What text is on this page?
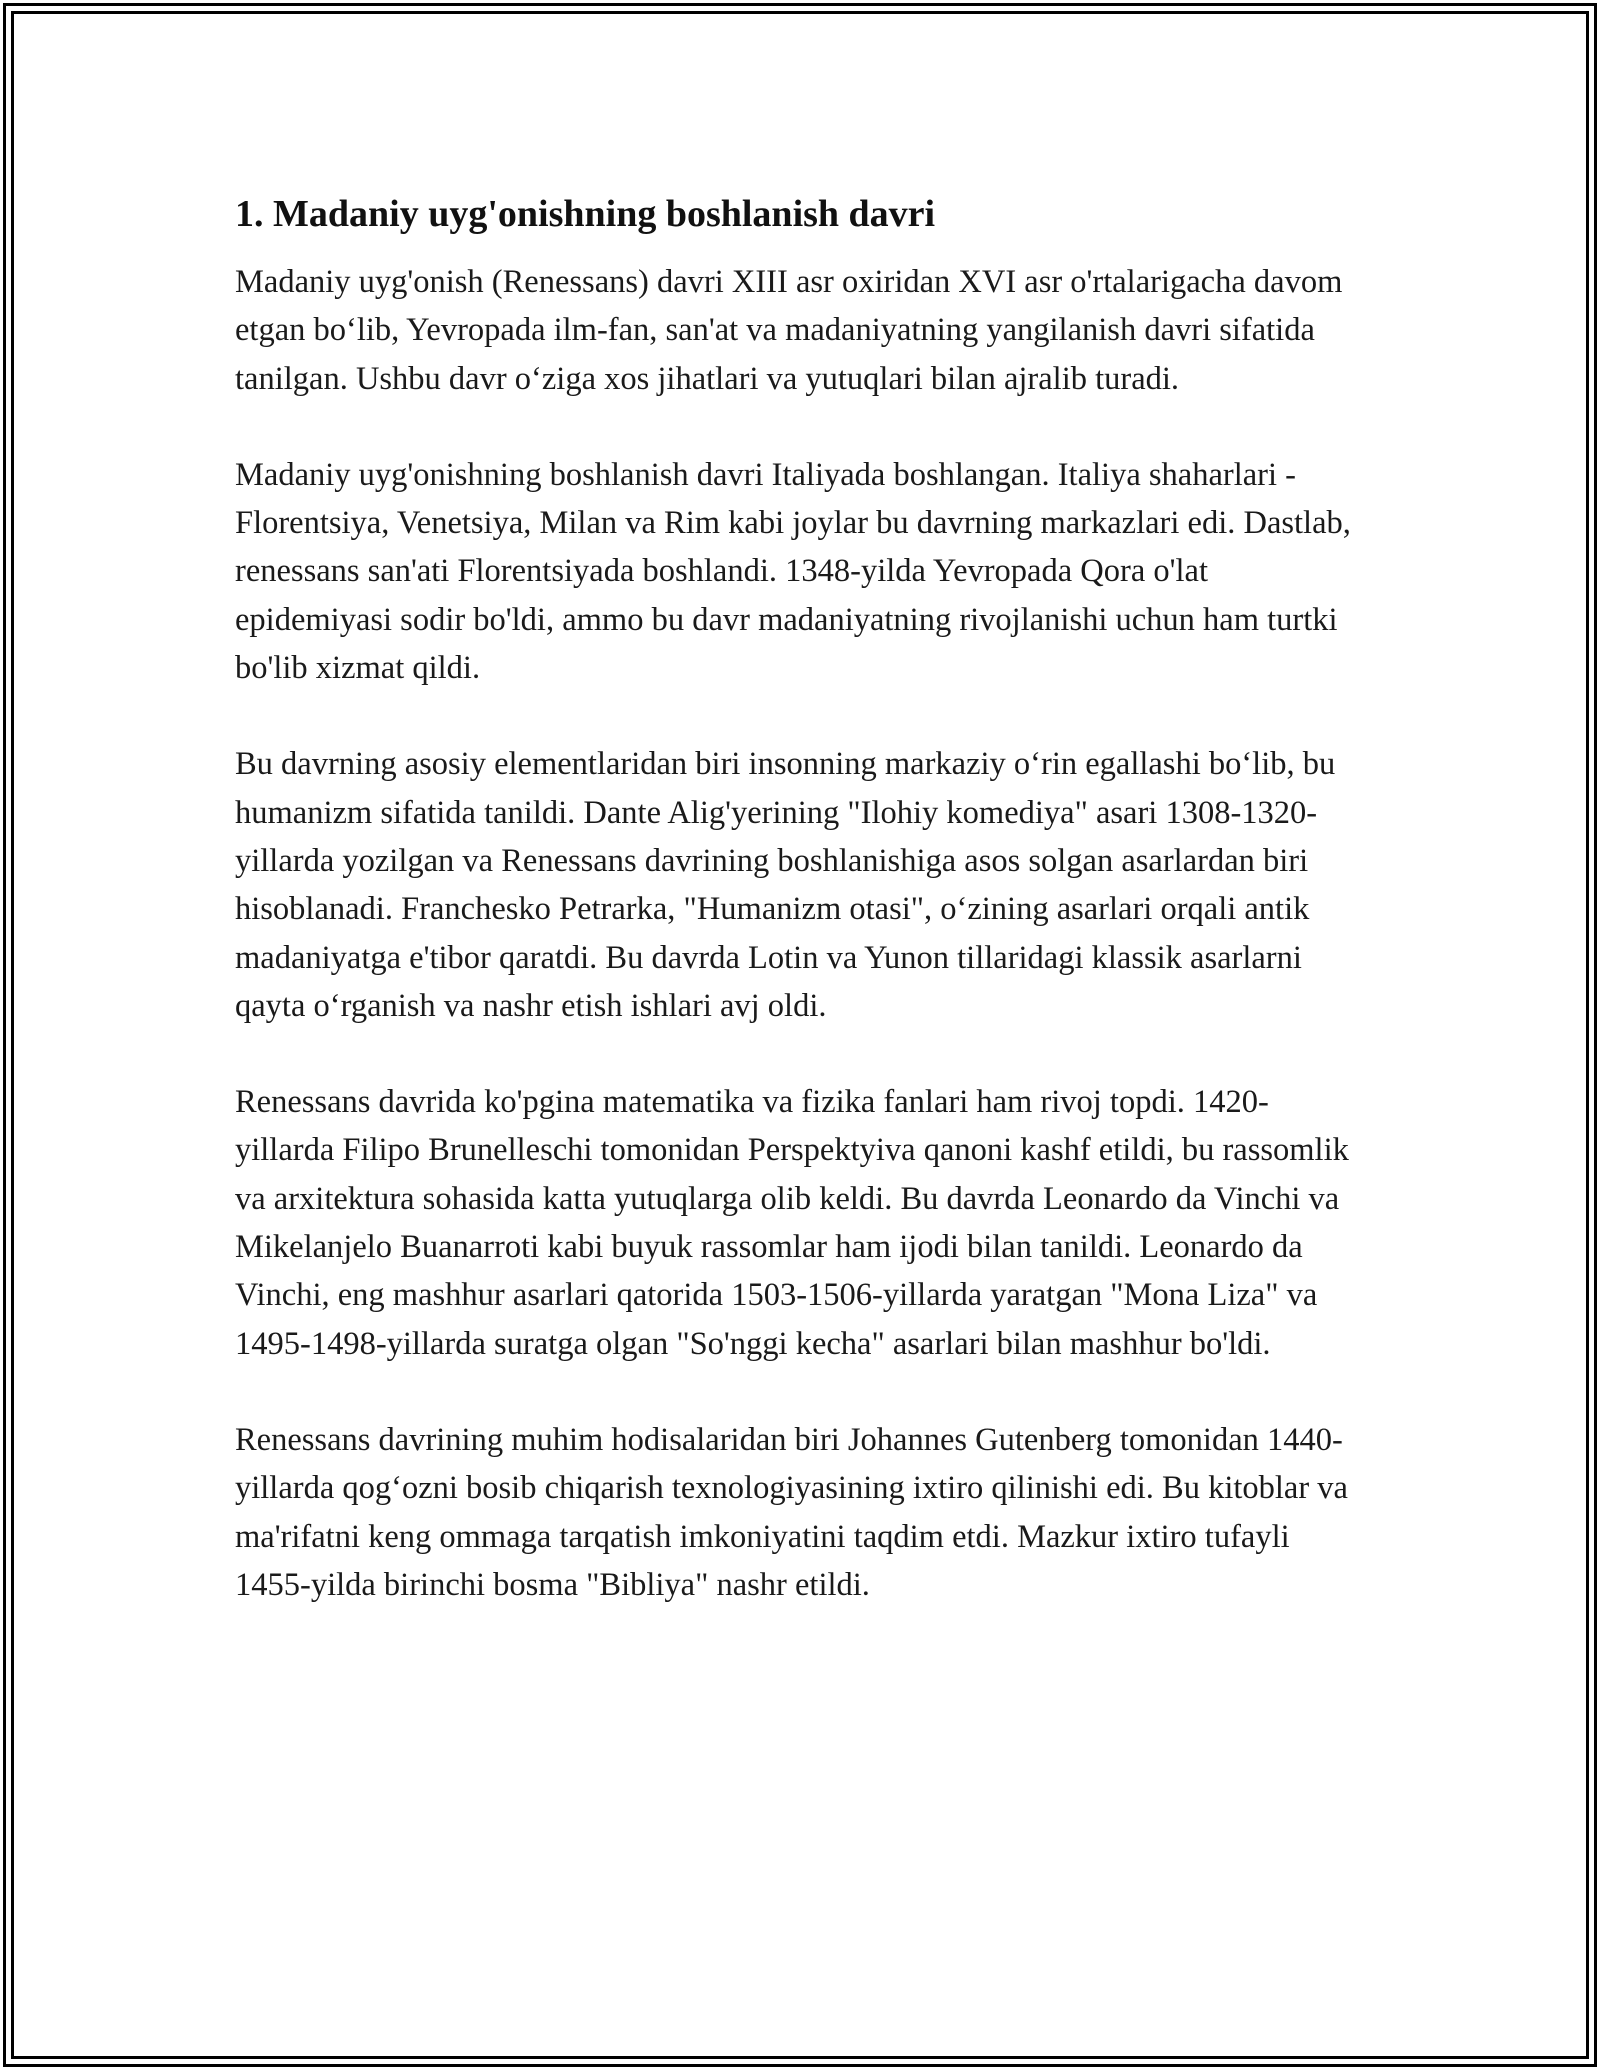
1. Madaniy uyg'onishning boshlanish davri

Madaniy uyg'onish (Renessans) davri XIII asr oxiridan XVI asr o'rtalarigacha davom etgan bo‘lib, Yevropada ilm-fan, san'at va madaniyatning yangilanish davri sifatida tanilgan. Ushbu davr o‘ziga xos jihatlari va yutuqlari bilan ajralib turadi.

Madaniy uyg'onishning boshlanish davri Italiyada boshlangan. Italiya shaharlari - Florentsiya, Venetsiya, Milan va Rim kabi joylar bu davrning markazlari edi. Dastlab, renessans san'ati Florentsiyada boshlandi. 1348-yilda Yevropada Qora o'lat epidemiyasi sodir bo'ldi, ammo bu davr madaniyatning rivojlanishi uchun ham turtki bo'lib xizmat qildi.

Bu davrning asosiy elementlaridan biri insonning markaziy o‘rin egallashi bo‘lib, bu humanizm sifatida tanildi. Dante Alig'yerining "Ilohiy komediya" asari 1308-1320-yillarda yozilgan va Renessans davrining boshlanishiga asos solgan asarlardan biri hisoblanadi. Franchesko Petrarka, "Humanizm otasi", o‘zining asarlari orqali antik madaniyatga e'tibor qaratdi. Bu davrda Lotin va Yunon tillaridagi klassik asarlarni qayta o‘rganish va nashr etish ishlari avj oldi.

Renessans davrida ko'pgina matematika va fizika fanlari ham rivoj topdi. 1420-yillarda Filipo Brunelleschi tomonidan Perspektyiva qanoni kashf etildi, bu rassomlik va arxitektura sohasida katta yutuqlarga olib keldi. Bu davrda Leonardo da Vinchi va Mikelanjelo Buanarroti kabi buyuk rassomlar ham ijodi bilan tanildi. Leonardo da Vinchi, eng mashhur asarlari qatorida 1503-1506-yillarda yaratgan "Mona Liza" va 1495-1498-yillarda suratga olgan "So'nggi kecha" asarlari bilan mashhur bo'ldi.

Renessans davrining muhim hodisalaridan biri Johannes Gutenberg tomonidan 1440-yillarda qog‘ozni bosib chiqarish texnologiyasining ixtiro qilinishi edi. Bu kitoblar va ma'rifatni keng ommaga tarqatish imkoniyatini taqdim etdi. Mazkur ixtiro tufayli 1455-yilda birinchi bosma "Bibliya" nashr etildi.
